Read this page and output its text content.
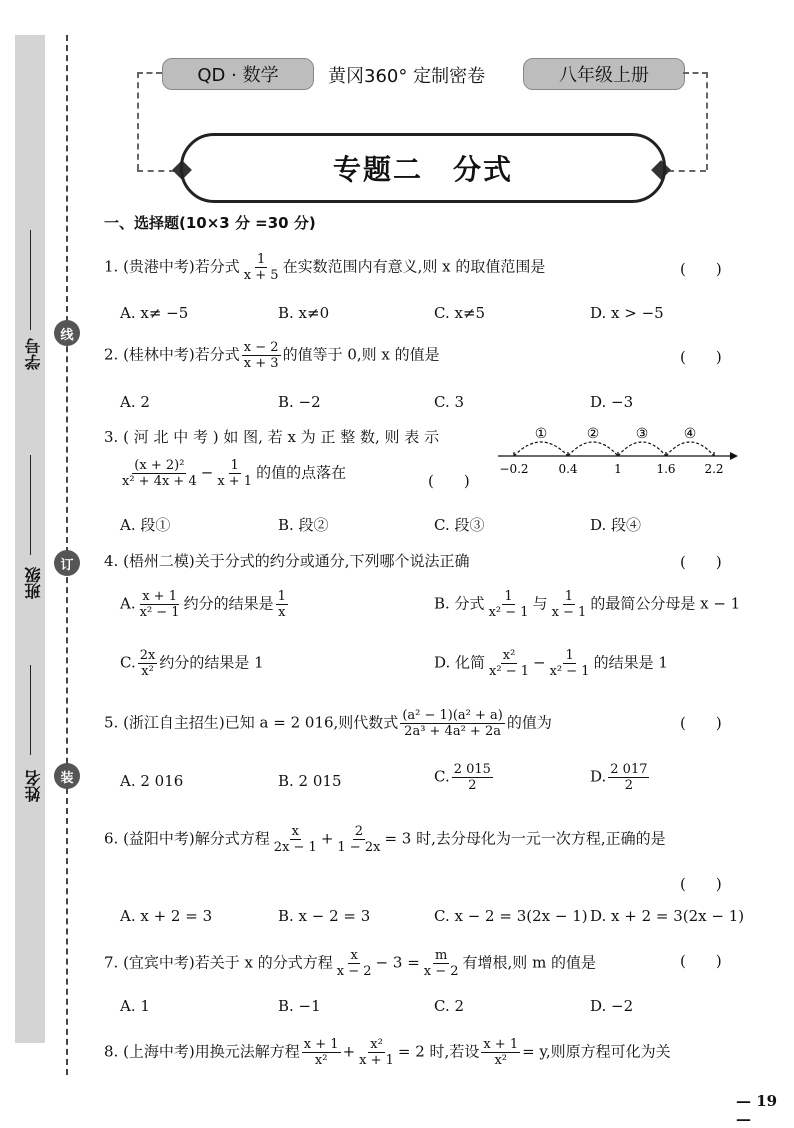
学号
班级
姓名
线
订
装
QD · 数学	黄冈360° 定制密卷	八年级上册
专题二　分式
一、选择题(10×3 分 =30 分)
1. (贵港中考)若分式 $\frac{1}{x + 5}$ 在实数范围内有意义,则 x 的取值范围是	(　　)
A. x≠ −5	B. x≠0	C. x≠5	D. x > −5
2. (桂林中考)若分式 $\frac{x - 2}{x + 3}$ 的值等于 0,则 x 的值是	(　　)
A. 2	B. −2	C. 3	D. −3
3. ( 河 北 中 考 ) 如 图, 若 x 为 正 整 数, 则 表 示
$\frac{\text{(x + 2)²}}{\text{x² + 4x + 4}} - \frac{1}{x + 1}$ 的值的点落在	(　　)
①	②	③	④
−0.2 0.4	1	1.6 2.2
A. 段①	B. 段②	C. 段③	D. 段④
4. (梧州二模)关于分式的约分或通分,下列哪个说法正确	(　　)
A. $\frac{x + 1}{\text{x² − 1}}$ 约分的结果是 $\frac{1}{x}$	B. 分式 $\frac{1}{\text{x² − 1}}$ 与 $\frac{1}{x - 1}$ 的最简公分母是 x − 1
C. $\frac{2x}{\text{x²}}$ 约分的结果是 1	D. 化简 $\frac{\text{x²}}{\text{x² − 1}} - \frac{1}{\text{x² − 1}}$ 的结果是 1
5. (浙江自主招生)已知 a = 2 016,则代数式 $\frac{\text{(a² − 1)(a² + a)}}{\text{2a³ + 4a² + 2a}}$ 的值为	(　　)
A. 2 016	B. 2 015	C. $\frac{2 015}{2}$	D. $\frac{2 017}{2}$
6. (益阳中考)解分式方程 $\frac{x}{2x - 1} + \frac{2}{1 - 2x} = 3$ 时,去分母化为一元一次方程,正确的是
(　　)
A. x + 2 = 3	B. x − 2 = 3	C. x − 2 = 3(2x − 1) D. x + 2 = 3(2x − 1)
7. (宜宾中考)若关于 x 的分式方程 $\frac{x}{x - 2} - 3 = \frac{m}{x - 2}$ 有增根,则 m 的值是	(　　)
A. 1	B. −1	C. 2	D. −2
8. (上海中考)用换元法解方程 $\frac{x + 1}{\text{x²}} + \frac{\text{x²}}{x + 1} = 2$ 时,若设 $\frac{x + 1}{\text{x²}} = y$,则原方程可化为关
— 19 —
